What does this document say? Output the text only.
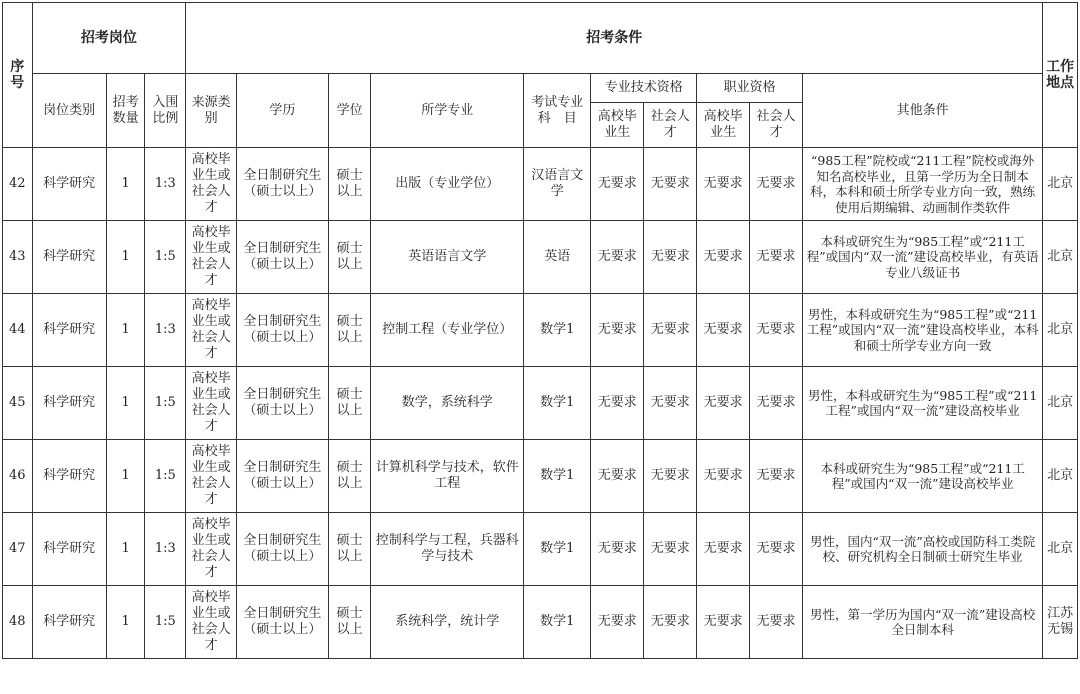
序号	招考岗位			招考条件										工作地点
	岗位类别	招考数量	入围比例	来源类别	学历	学位	所学专业	考试专业科　目	专业技术资格		职业资格		其他条件	
									高校毕业生	社会人才	高校毕业生	社会人才		
42	科学研究	1	1:3	高校毕业生或社会人才	全日制研究生（硕士以上）	硕士以上	出版（专业学位）	汉语言文学	无要求	无要求	无要求	无要求	“985工程”院校或“211工程”院校或海外知名高校毕业，且第一学历为全日制本科，本科和硕士所学专业方向一致，熟练使用后期编辑、动画制作类软件	北京
43	科学研究	1	1:5	高校毕业生或社会人才	全日制研究生（硕士以上）	硕士以上	英语语言文学	英语	无要求	无要求	无要求	无要求	本科或研究生为“985工程”或“211工程”或国内“双一流”建设高校毕业，有英语专业八级证书	北京
44	科学研究	1	1:3	高校毕业生或社会人才	全日制研究生（硕士以上）	硕士以上	控制工程（专业学位）	数学1	无要求	无要求	无要求	无要求	男性，本科或研究生为“985工程”或“211工程”或国内“双一流”建设高校毕业，本科和硕士所学专业方向一致	北京
45	科学研究	1	1:5	高校毕业生或社会人才	全日制研究生（硕士以上）	硕士以上	数学，系统科学	数学1	无要求	无要求	无要求	无要求	男性，本科或研究生为“985工程”或“211工程”或国内“双一流”建设高校毕业	北京
46	科学研究	1	1:5	高校毕业生或社会人才	全日制研究生（硕士以上）	硕士以上	计算机科学与技术，软件工程	数学1	无要求	无要求	无要求	无要求	本科或研究生为“985工程”或“211工程”或国内“双一流”建设高校毕业	北京
47	科学研究	1	1:3	高校毕业生或社会人才	全日制研究生（硕士以上）	硕士以上	控制科学与工程，兵器科学与技术	数学1	无要求	无要求	无要求	无要求	男性，国内“双一流”高校或国防科工类院校、研究机构全日制硕士研究生毕业	北京
48	科学研究	1	1:5	高校毕业生或社会人才	全日制研究生（硕士以上）	硕士以上	系统科学，统计学	数学1	无要求	无要求	无要求	无要求	男性，第一学历为国内“双一流”建设高校全日制本科	江苏无锡
